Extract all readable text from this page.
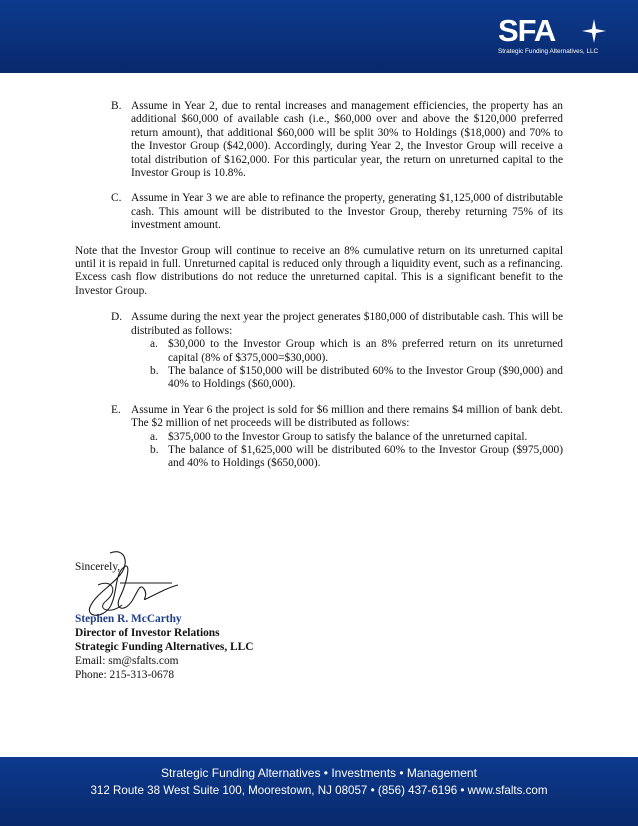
SFA
Strategic Funding Alternatives, LLC
B. Assume in Year 2, due to rental increases and management efficiencies, the property has an additional $60,000 of available cash (i.e., $60,000 over and above the $120,000 preferred return amount), that additional $60,000 will be split 30% to Holdings ($18,000) and 70% to the Investor Group ($42,000). Accordingly, during Year 2, the Investor Group will receive a total distribution of $162,000. For this particular year, the return on unreturned capital to the Investor Group is 10.8%.
C. Assume in Year 3 we are able to refinance the property, generating $1,125,000 of distributable cash. This amount will be distributed to the Investor Group, thereby returning 75% of its investment amount.
Note that the Investor Group will continue to receive an 8% cumulative return on its unreturned capital until it is repaid in full. Unreturned capital is reduced only through a liquidity event, such as a refinancing. Excess cash flow distributions do not reduce the unreturned capital. This is a significant benefit to the Investor Group.
D. Assume during the next year the project generates $180,000 of distributable cash. This will be distributed as follows:
a. $30,000 to the Investor Group which is an 8% preferred return on its unreturned capital (8% of $375,000=$30,000).
b. The balance of $150,000 will be distributed 60% to the Investor Group ($90,000) and 40% to Holdings ($60,000).
E. Assume in Year 6 the project is sold for $6 million and there remains $4 million of bank debt. The $2 million of net proceeds will be distributed as follows:
a. $375,000 to the Investor Group to satisfy the balance of the unreturned capital.
b. The balance of $1,625,000 will be distributed 60% to the Investor Group ($975,000) and 40% to Holdings ($650,000).
Sincerely,
Stephen R. McCarthy
Director of Investor Relations
Strategic Funding Alternatives, LLC
Email: sm@sfalts.com
Phone: 215-313-0678
Strategic Funding Alternatives • Investments • Management
312 Route 38 West Suite 100, Moorestown, NJ 08057 • (856) 437-6196 • www.sfalts.com
